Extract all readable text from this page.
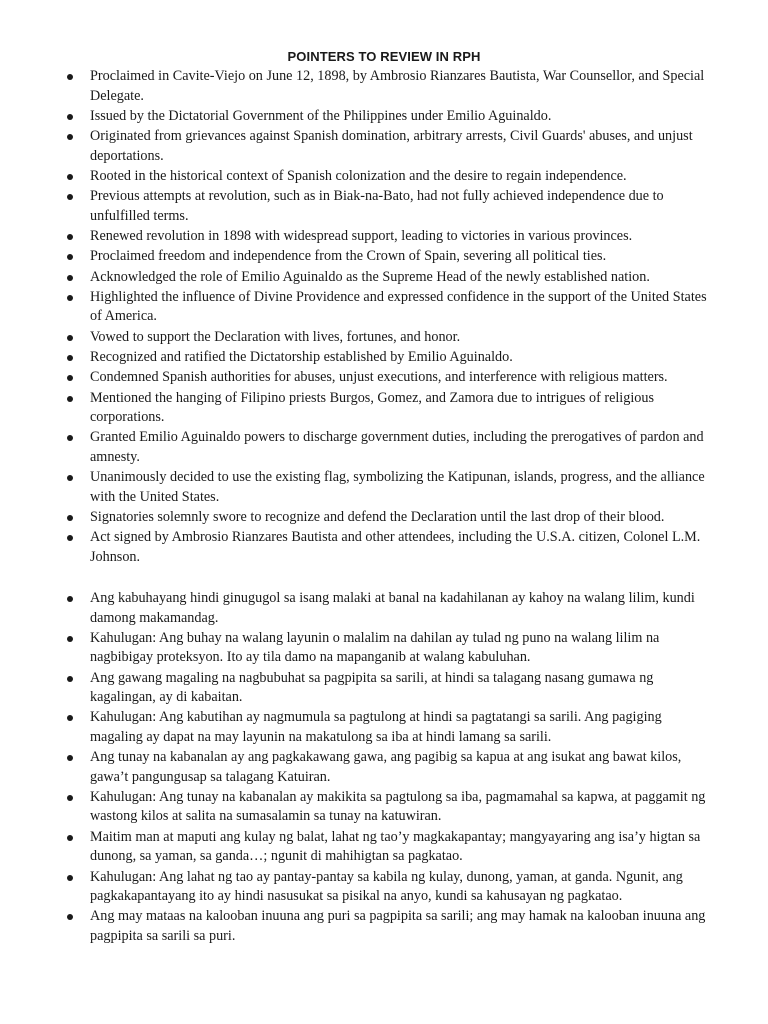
POINTERS TO REVIEW IN RPH
Proclaimed in Cavite-Viejo on June 12, 1898, by Ambrosio Rianzares Bautista, War Counsellor, and Special Delegate.
Issued by the Dictatorial Government of the Philippines under Emilio Aguinaldo.
Originated from grievances against Spanish domination, arbitrary arrests, Civil Guards' abuses, and unjust deportations.
Rooted in the historical context of Spanish colonization and the desire to regain independence.
Previous attempts at revolution, such as in Biak-na-Bato, had not fully achieved independence due to unfulfilled terms.
Renewed revolution in 1898 with widespread support, leading to victories in various provinces.
Proclaimed freedom and independence from the Crown of Spain, severing all political ties.
Acknowledged the role of Emilio Aguinaldo as the Supreme Head of the newly established nation.
Highlighted the influence of Divine Providence and expressed confidence in the support of the United States of America.
Vowed to support the Declaration with lives, fortunes, and honor.
Recognized and ratified the Dictatorship established by Emilio Aguinaldo.
Condemned Spanish authorities for abuses, unjust executions, and interference with religious matters.
Mentioned the hanging of Filipino priests Burgos, Gomez, and Zamora due to intrigues of religious corporations.
Granted Emilio Aguinaldo powers to discharge government duties, including the prerogatives of pardon and amnesty.
Unanimously decided to use the existing flag, symbolizing the Katipunan, islands, progress, and the alliance with the United States.
Signatories solemnly swore to recognize and defend the Declaration until the last drop of their blood.
Act signed by Ambrosio Rianzares Bautista and other attendees, including the U.S.A. citizen, Colonel L.M. Johnson.
Ang kabuhayang hindi ginugugol sa isang malaki at banal na kadahilanan ay kahoy na walang lilim, kundi damong makamandag.
Kahulugan: Ang buhay na walang layunin o malalim na dahilan ay tulad ng puno na walang lilim na nagbibigay proteksyon. Ito ay tila damo na mapanganib at walang kabuluhan.
Ang gawang magaling na nagbubuhat sa pagpipita sa sarili, at hindi sa talagang nasang gumawa ng kagalingan, ay di kabaitan.
Kahulugan: Ang kabutihan ay nagmumula sa pagtulong at hindi sa pagtatangi sa sarili. Ang pagiging magaling ay dapat na may layunin na makatulong sa iba at hindi lamang sa sarili.
Ang tunay na kabanalan ay ang pagkakawang gawa, ang pagibig sa kapua at ang isukat ang bawat kilos, gawa’t pangungusap sa talagang Katuiran.
Kahulugan: Ang tunay na kabanalan ay makikita sa pagtulong sa iba, pagmamahal sa kapwa, at paggamit ng wastong kilos at salita na sumasalamin sa tunay na katuwiran.
Maitim man at maputi ang kulay ng balat, lahat ng tao’y magkakapantay; mangyayaring ang isa’y higtan sa dunong, sa yaman, sa ganda…; ngunit di mahihigtan sa pagkatao.
Kahulugan: Ang lahat ng tao ay pantay-pantay sa kabila ng kulay, dunong, yaman, at ganda. Ngunit, ang pagkakapantayang ito ay hindi nasusukat sa pisikal na anyo, kundi sa kahusayan ng pagkatao.
Ang may mataas na kalooban inuuna ang puri sa pagpipita sa sarili; ang may hamak na kalooban inuuna ang pagpipita sa sarili sa puri.
